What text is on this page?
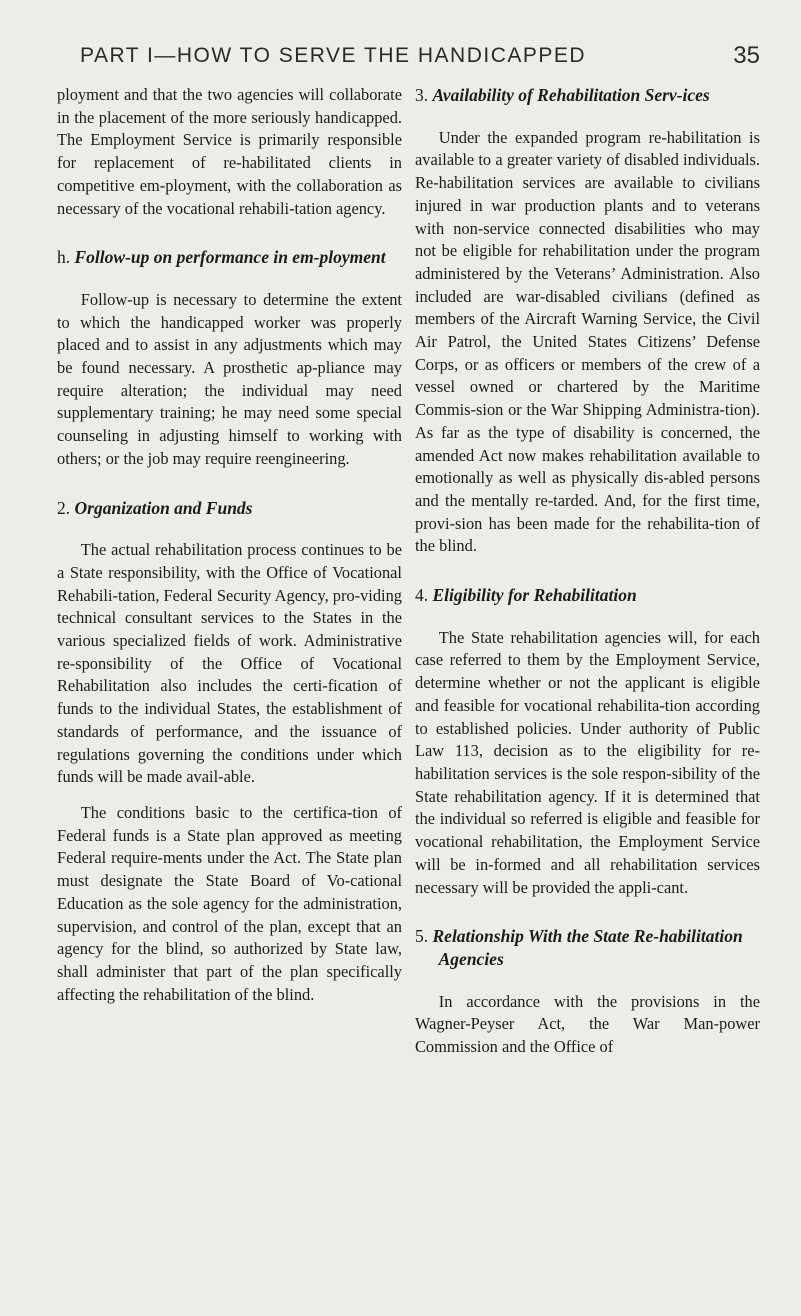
PART I—HOW TO SERVE THE HANDICAPPED	35

ployment and that the two agencies will collaborate in the placement of the more seriously handicapped. The Employment Service is primarily responsible for replacement of re-habilitated clients in competitive em-ployment, with the collaboration as necessary of the vocational rehabili-tation agency.

h. Follow-up on performance in em-ployment

Follow-up is necessary to determine the extent to which the handicapped worker was properly placed and to assist in any adjustments which may be found necessary. A prosthetic ap-pliance may require alteration; the individual may need supplementary training; he may need some special counseling in adjusting himself to working with others; or the job may require reengineering.

2. Organization and Funds

The actual rehabilitation process continues to be a State responsibility, with the Office of Vocational Rehabili-tation, Federal Security Agency, pro-viding technical consultant services to the States in the various specialized fields of work. Administrative re-sponsibility of the Office of Vocational Rehabilitation also includes the certi-fication of funds to the individual States, the establishment of standards of performance, and the issuance of regulations governing the conditions under which funds will be made avail-able.

The conditions basic to the certifica-tion of Federal funds is a State plan approved as meeting Federal require-ments under the Act. The State plan must designate the State Board of Vo-cational Education as the sole agency for the administration, supervision, and control of the plan, except that an agency for the blind, so authorized by State law, shall administer that part of the plan specifically affecting the rehabilitation of the blind.

3. Availability of Rehabilitation Serv-ices

Under the expanded program re-habilitation is available to a greater variety of disabled individuals. Re-habilitation services are available to civilians injured in war production plants and to veterans with non-service connected disabilities who may not be eligible for rehabilitation under the program administered by the Veterans’ Administration. Also included are war-disabled civilians (defined as members of the Aircraft Warning Service, the Civil Air Patrol, the United States Citizens’ Defense Corps, or as officers or members of the crew of a vessel owned or chartered by the Maritime Commis-sion or the War Shipping Administra-tion). As far as the type of disability is concerned, the amended Act now makes rehabilitation available to emotionally as well as physically dis-abled persons and the mentally re-tarded. And, for the first time, provi-sion has been made for the rehabilita-tion of the blind.

4. Eligibility for Rehabilitation

The State rehabilitation agencies will, for each case referred to them by the Employment Service, determine whether or not the applicant is eligible and feasible for vocational rehabilita-tion according to established policies. Under authority of Public Law 113, decision as to the eligibility for re-habilitation services is the sole respon-sibility of the State rehabilitation agency. If it is determined that the individual so referred is eligible and feasible for vocational rehabilitation, the Employment Service will be in-formed and all rehabilitation services necessary will be provided the appli-cant.

5. Relationship With the State Re-habilitation Agencies

In accordance with the provisions in the Wagner-Peyser Act, the War Man-power Commission and the Office of
